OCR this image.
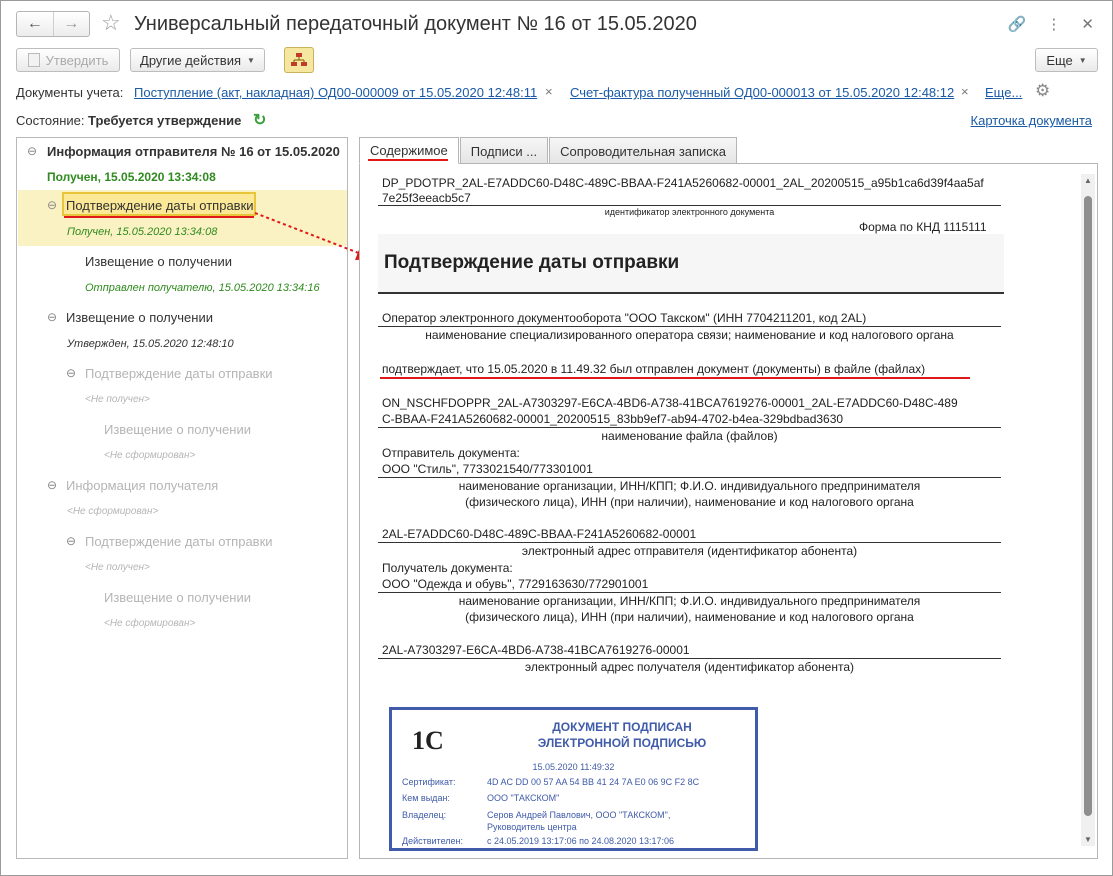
←	→ ☆ Универсальный передаточный документ № 16 от 15.05.2020	🔗 ⋮ ✕
Утвердить Другие действия ▼	Еще ▼
Документы учета: Поступление (акт, накладная) ОД00-000009 от 15.05.2020 12:48:11 × Счет-фактура полученный ОД00-000013 от 15.05.2020 12:48:12 × Еще... ⚙
Состояние: Требуется утверждение ↻	Карточка документа
⊖ Информация отправителя № 16 от 15.05.2020
Получен, 15.05.2020 13:34:08
⊖ Подтверждение даты отправки
Получен, 15.05.2020 13:34:08
Извещение о получении
Отправлен получателю, 15.05.2020 13:34:16
⊖ Извещение о получении
Утвержден, 15.05.2020 12:48:10
⊖ Подтверждение даты отправки
<Не получен>
Извещение о получении
<Не сформирован>
⊖ Информация получателя
<Не сформирован>
⊖ Подтверждение даты отправки
<Не получен>
Извещение о получении
<Не сформирован>
Содержимое Подписи ... Сопроводительная записка
DP_PDOTPR_2AL-E7ADDC60-D48C-489C-BBAA-F241A5260682-00001_2AL_20200515_a95b1ca6d39f4aa5af
7e25f3eeacb5c7
идентификатор электронного документа
Форма по КНД 1115111
Подтверждение даты отправки
Оператор электронного документооборота "ООО Такском" (ИНН 7704211201, код 2AL)
наименование специализированного оператора связи; наименование и код налогового органа
подтверждает, что 15.05.2020 в 11.49.32 был отправлен документ (документы) в файле (файлах)
ON_NSCHFDOPPR_2AL-A7303297-E6CA-4BD6-A738-41BCA7619276-00001_2AL-E7ADDC60-D48C-489
C-BBAA-F241A5260682-00001_20200515_83bb9ef7-ab94-4702-b4ea-329bdbad3630
наименование файла (файлов)
Отправитель документа:
ООО "Стиль", 7733021540/773301001
наименование организации, ИНН/КПП; Ф.И.О. индивидуального предпринимателя
(физического лица), ИНН (при наличии), наименование и код налогового органа
2AL-E7ADDC60-D48C-489C-BBAA-F241A5260682-00001
электронный адрес отправителя (идентификатор абонента)
Получатель документа:
ООО "Одежда и обувь", 7729163630/772901001
наименование организации, ИНН/КПП; Ф.И.О. индивидуального предпринимателя
(физического лица), ИНН (при наличии), наименование и код налогового органа
2AL-A7303297-E6CA-4BD6-A738-41BCA7619276-00001
электронный адрес получателя (идентификатор абонента)
1С	ДОКУМЕНТ ПОДПИСАН
ЭЛЕКТРОННОЙ ПОДПИСЬЮ
15.05.2020 11:49:32
Сертификат:	4D AC DD 00 57 AA 54 BB 41 24 7A E0 06 9C F2 8C
Кем выдан:	ООО "ТАКСКОМ"
Владелец:	Серов Андрей Павлович, ООО "ТАКСКОМ",
Руководитель центра
Действителен:	с 24.05.2019 13:17:06 по 24.08.2020 13:17:06
▲
▼
